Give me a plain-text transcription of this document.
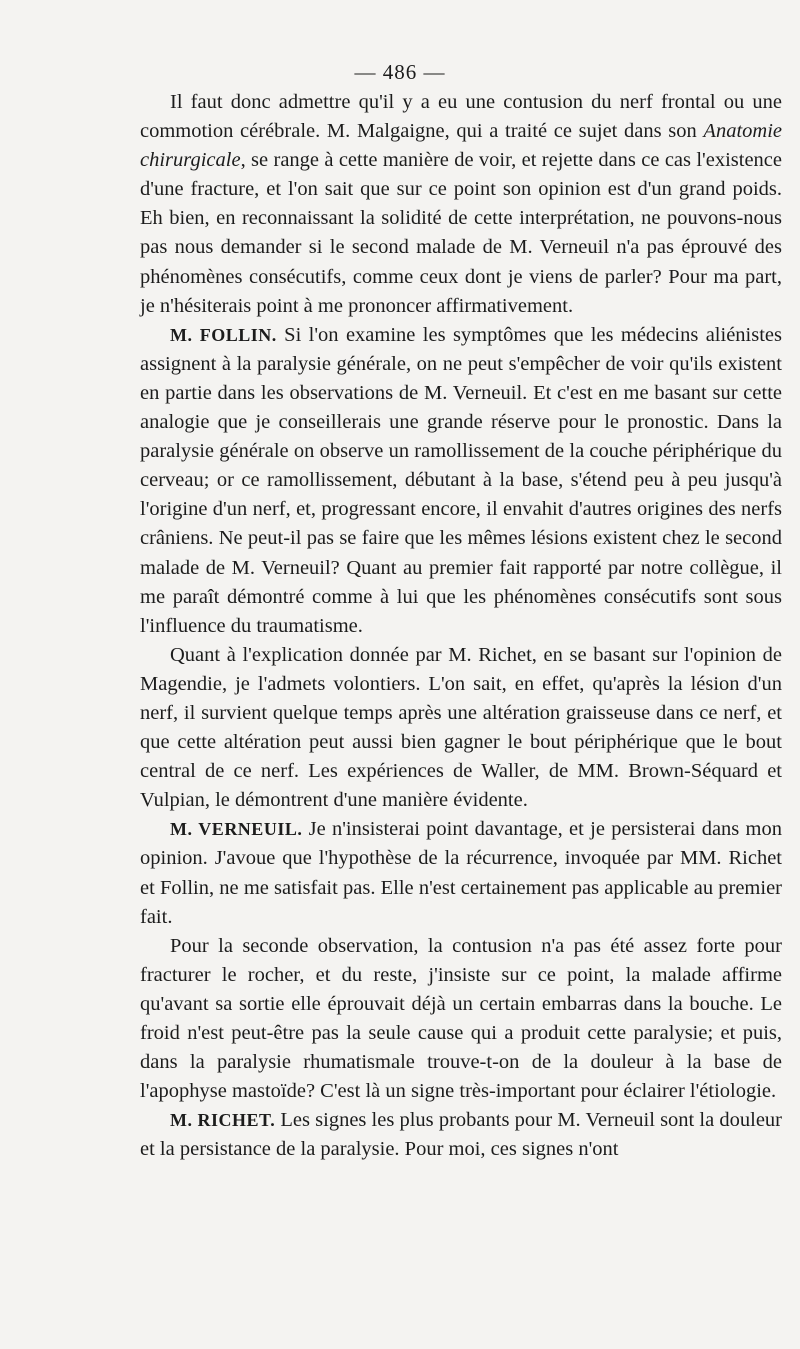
— 486 —

Il faut donc admettre qu'il y a eu une contusion du nerf frontal ou une commotion cérébrale. M. Malgaigne, qui a traité ce sujet dans son Anatomie chirurgicale, se range à cette manière de voir, et rejette dans ce cas l'existence d'une fracture, et l'on sait que sur ce point son opinion est d'un grand poids. Eh bien, en reconnaissant la solidité de cette interprétation, ne pouvons-nous pas nous demander si le second malade de M. Verneuil n'a pas éprouvé des phénomènes consécutifs, comme ceux dont je viens de parler? Pour ma part, je n'hésiterais point à me prononcer affirmativement.

M. FOLLIN. Si l'on examine les symptômes que les médecins aliénistes assignent à la paralysie générale, on ne peut s'empêcher de voir qu'ils existent en partie dans les observations de M. Verneuil. Et c'est en me basant sur cette analogie que je conseillerais une grande réserve pour le pronostic. Dans la paralysie générale on observe un ramollissement de la couche périphérique du cerveau; or ce ramollissement, débutant à la base, s'étend peu à peu jusqu'à l'origine d'un nerf, et, progressant encore, il envahit d'autres origines des nerfs crâniens. Ne peut-il pas se faire que les mêmes lésions existent chez le second malade de M. Verneuil? Quant au premier fait rapporté par notre collègue, il me paraît démontré comme à lui que les phénomènes consécutifs sont sous l'influence du traumatisme.

Quant à l'explication donnée par M. Richet, en se basant sur l'opinion de Magendie, je l'admets volontiers. L'on sait, en effet, qu'après la lésion d'un nerf, il survient quelque temps après une altération graisseuse dans ce nerf, et que cette altération peut aussi bien gagner le bout périphérique que le bout central de ce nerf. Les expériences de Waller, de MM. Brown-Séquard et Vulpian, le démontrent d'une manière évidente.

M. VERNEUIL. Je n'insisterai point davantage, et je persisterai dans mon opinion. J'avoue que l'hypothèse de la récurrence, invoquée par MM. Richet et Follin, ne me satisfait pas. Elle n'est certainement pas applicable au premier fait.

Pour la seconde observation, la contusion n'a pas été assez forte pour fracturer le rocher, et du reste, j'insiste sur ce point, la malade affirme qu'avant sa sortie elle éprouvait déjà un certain embarras dans la bouche. Le froid n'est peut-être pas la seule cause qui a produit cette paralysie; et puis, dans la paralysie rhumatismale trouve-t-on de la douleur à la base de l'apophyse mastoïde? C'est là un signe très-important pour éclairer l'étiologie.

M. RICHET. Les signes les plus probants pour M. Verneuil sont la douleur et la persistance de la paralysie. Pour moi, ces signes n'ont
